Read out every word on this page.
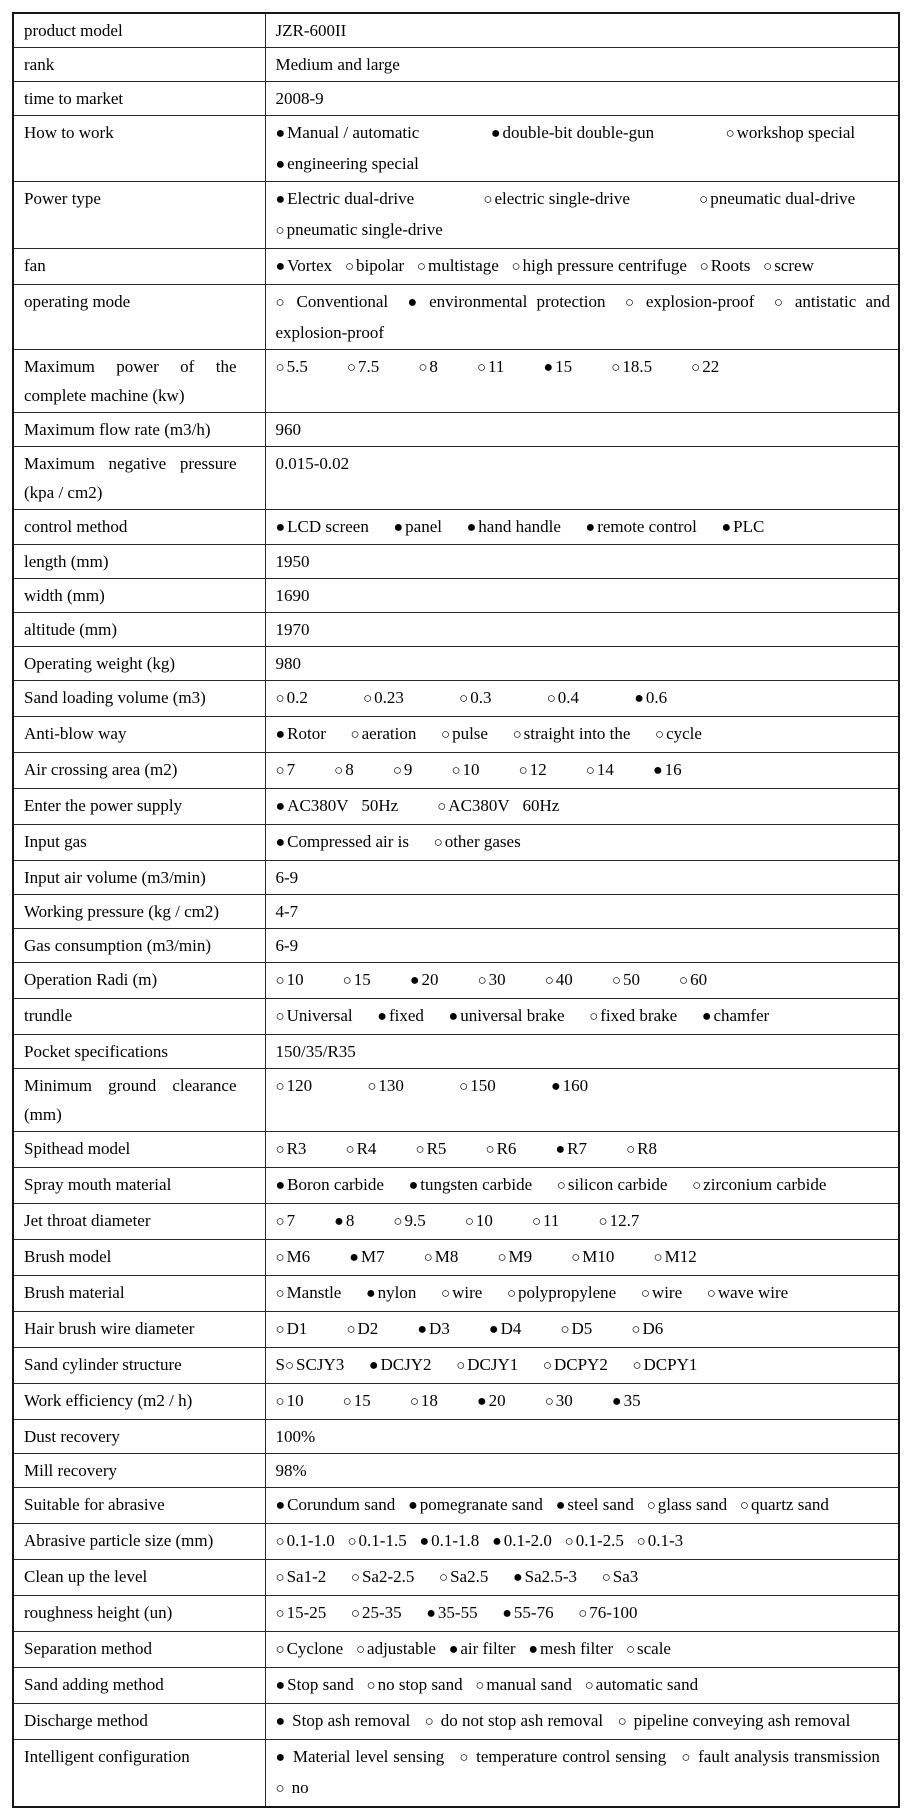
product model	JZR-600II
rank	Medium and large
time to market	2008-9
How to work	● Manual / automatic ● double-bit double-gun ○ workshop special ● engineering special
Power type	● Electric dual-drive ○ electric single-drive ○ pneumatic dual-drive ○ pneumatic single-drive
fan	● Vortex ○ bipolar ○ multistage ○ high pressure centrifuge ○ Roots ○ screw
operating mode	○ Conventional ● environmental protection ○ explosion-proof ○ antistatic and explosion-proof
Maximum power of the complete machine (kw)	○ 5.5 ○ 7.5 ○ 8 ○ 11 ● 15 ○ 18.5 ○ 22
Maximum flow rate (m3/h)	960
Maximum negative pressure (kpa / cm2)	0.015-0.02
control method	● LCD screen ● panel ● hand handle ● remote control ● PLC
length (mm)	1950
width (mm)	1690
altitude (mm)	1970
Operating weight (kg)	980
Sand loading volume (m3)	○ 0.2 ○ 0.23 ○ 0.3 ○ 0.4 ● 0.6
Anti-blow way	● Rotor ○ aeration ○ pulse ○ straight into the ○ cycle
Air crossing area (m2)	○ 7 ○ 8 ○ 9 ○ 10 ○ 12 ○ 14 ● 16
Enter the power supply	● AC380V   50Hz ○ AC380V   60Hz
Input gas	● Compressed air is ○ other gases
Input air volume (m3/min)	6-9
Working pressure (kg / cm2)	4-7
Gas consumption (m3/min)	6-9
Operation Radi (m)	○ 10 ○ 15 ● 20 ○ 30 ○ 40 ○ 50 ○ 60
trundle	○ Universal ● fixed ● universal brake ○ fixed brake ● chamfer
Pocket specifications	150/35/R35
Minimum ground clearance (mm)	○ 120 ○ 130 ○ 150 ● 160
Spithead model	○ R3 ○ R4 ○ R5 ○ R6 ● R7 ○ R8
Spray mouth material	● Boron carbide ● tungsten carbide ○ silicon carbide ○ zirconium carbide
Jet throat diameter	○ 7 ● 8 ○ 9.5 ○ 10 ○ 11 ○ 12.7
Brush model	○ M6 ● M7 ○ M8 ○ M9 ○ M10 ○ M12
Brush material	○ Manstle ● nylon ○ wire ○ polypropylene ○ wire ○ wave wire
Hair brush wire diameter	○ D1 ○ D2 ● D3 ● D4 ○ D5 ○ D6
Sand cylinder structure	S○ SCJY3 ● DCJY2 ○ DCJY1 ○ DCPY2 ○ DCPY1
Work efficiency (m2 / h)	○ 10 ○ 15 ○ 18 ● 20 ○ 30 ● 35
Dust recovery	100%
Mill recovery	98%
Suitable for abrasive	● Corundum sand ● pomegranate sand ● steel sand ○ glass sand ○ quartz sand
Abrasive particle size (mm)	○ 0.1-1.0 ○ 0.1-1.5 ● 0.1-1.8 ● 0.1-2.0 ○ 0.1-2.5 ○ 0.1-3
Clean up the level	○ Sa1-2 ○ Sa2-2.5 ○ Sa2.5 ● Sa2.5-3 ○ Sa3
roughness height (un)	○ 15-25 ○ 25-35 ● 35-55 ● 55-76 ○ 76-100
Separation method	○ Cyclone ○ adjustable ● air filter ● mesh filter ○ scale
Sand adding method	● Stop sand ○ no stop sand ○ manual sand ○ automatic sand
Discharge method	● Stop ash removal ○ do not stop ash removal ○ pipeline conveying ash removal
Intelligent configuration	● Material level sensing ○ temperature control sensing ○ fault analysis transmission ○ no
